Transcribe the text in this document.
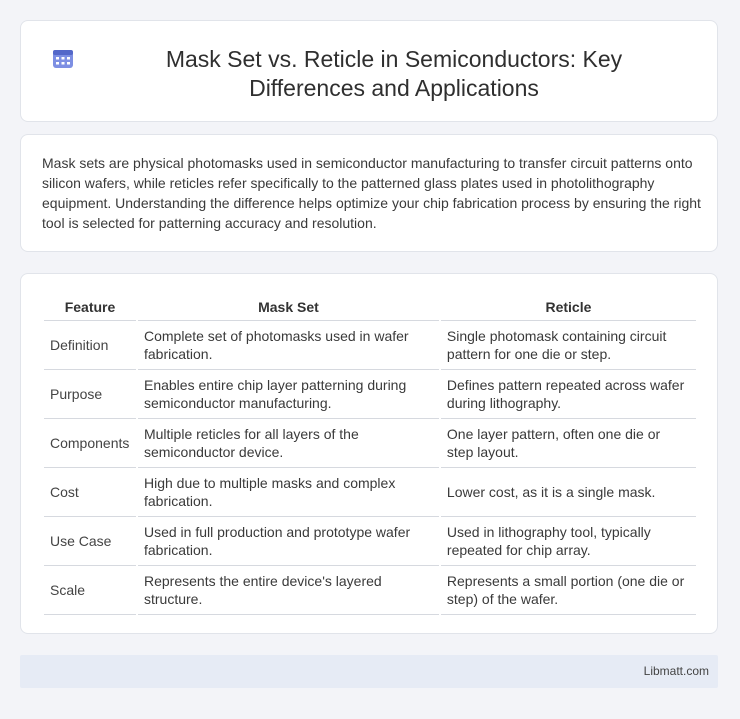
Mask Set vs. Reticle in Semiconductors: Key Differences and Applications

Mask sets are physical photomasks used in semiconductor manufacturing to transfer circuit patterns onto silicon wafers, while reticles refer specifically to the patterned glass plates used in photolithography equipment. Understanding the difference helps optimize your chip fabrication process by ensuring the right tool is selected for patterning accuracy and resolution.

Feature	Mask Set	Reticle
Definition	Complete set of photomasks used in wafer fabrication.	Single photomask containing circuit pattern for one die or step.
Purpose	Enables entire chip layer patterning during semiconductor manufacturing.	Defines pattern repeated across wafer during lithography.
Components	Multiple reticles for all layers of the semiconductor device.	One layer pattern, often one die or step layout.
Cost	High due to multiple masks and complex fabrication.	Lower cost, as it is a single mask.
Use Case	Used in full production and prototype wafer fabrication.	Used in lithography tool, typically repeated for chip array.
Scale	Represents the entire device's layered structure.	Represents a small portion (one die or step) of the wafer.
Libmatt.com
